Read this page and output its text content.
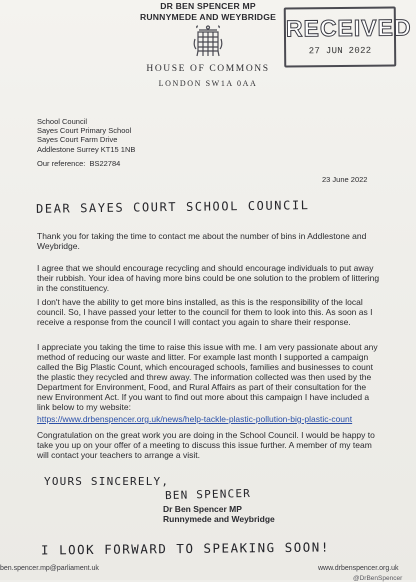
DR BEN SPENCER MP
RUNNYMEDE AND WEYBRIDGE
HOUSE OF COMMONS
LONDON SW1A 0AA
RECEIVED
27 JUN 2022
School Council
Sayes Court Primary School
Sayes Court Farm Drive
Addlestone Surrey KT15 1NB
Our reference: BS22784
23 June 2022
DEAR SAYES COURT SCHOOL COUNCIL
Thank you for taking the time to contact me about the number of bins in Addlestone and Weybridge.
I agree that we should encourage recycling and should encourage individuals to put away their rubbish. Your idea of having more bins could be one solution to the problem of littering in the constituency.
I don't have the ability to get more bins installed, as this is the responsibility of the local council. So, I have passed your letter to the council for them to look into this. As soon as I receive a response from the council I will contact you again to share their response.
I appreciate you taking the time to raise this issue with me. I am very passionate about any method of reducing our waste and litter. For example last month I supported a campaign called the Big Plastic Count, which encouraged schools, families and businesses to count the plastic they recycled and threw away. The information collected was then used by the Department for Environment, Food, and Rural Affairs as part of their consultation for the new Environment Act. If you want to find out more about this campaign I have included a link below to my website:
https://www.drbenspencer.org.uk/news/help-tackle-plastic-pollution-big-plastic-count
Congratulation on the great work you are doing in the School Council. I would be happy to take you up on your offer of a meeting to discuss this issue further. A member of my team will contact your teachers to arrange a visit.
YOURS SINCERELY,
BEN SPENCER
Dr Ben Spencer MP
Runnymede and Weybridge
I LOOK FORWARD TO SPEAKING SOON!
ben.spencer.mp@parliament.uk	www.drbenspencer.org.uk
@DrBenSpencer
